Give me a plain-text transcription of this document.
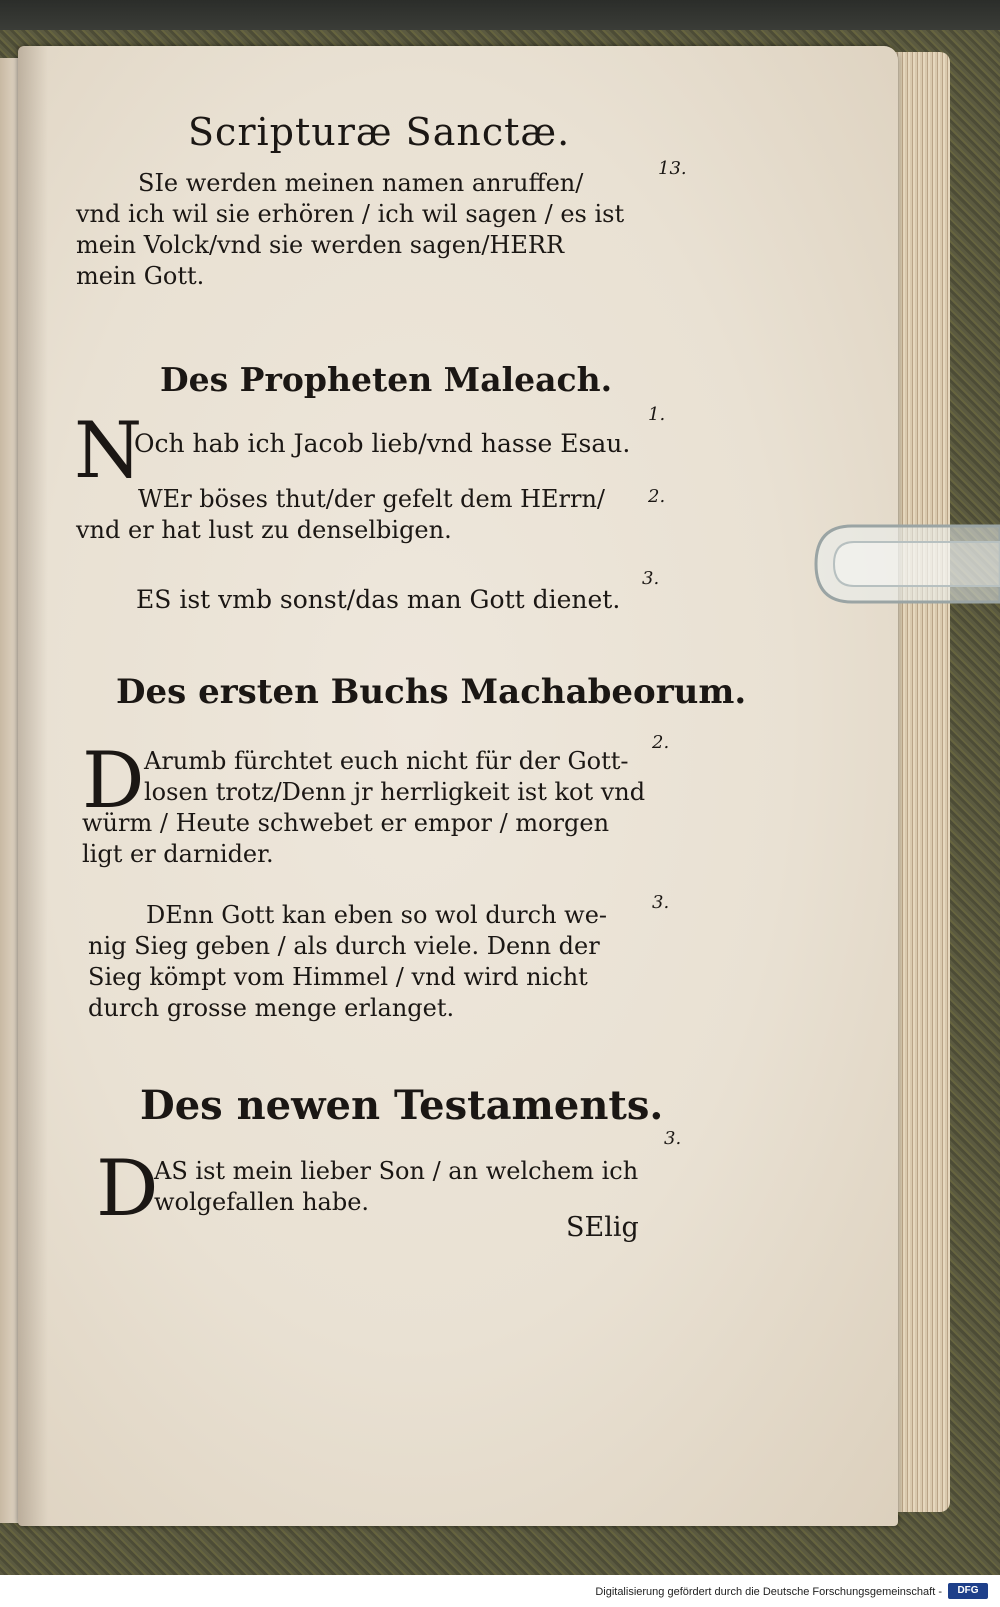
Scripturæ Sanctæ.
SIe werden meinen namen anruffen/
vnd ich wil sie erhören / ich wil sagen / es ist
mein Volck/vnd sie werden sagen/HERR
mein Gott.
13.
Des Propheten Maleach.
1.
N
Och hab ich Jacob lieb/vnd hasse Esau.
2.
WEr böses thut/der gefelt dem HErrn/
vnd er hat lust zu denselbigen.
3.
ES ist vmb sonst/das man Gott dienet.
Des ersten Buchs Machabeorum.
2.
D Arumb fürchtet euch nicht für der Gott-
losen trotz/Denn jr herrligkeit ist kot vnd
würm / Heute schwebet er empor / morgen
ligt er darnider.
3.
DEnn Gott kan eben so wol durch we-
nig Sieg geben / als durch viele. Denn der
Sieg kömpt vom Himmel / vnd wird nicht
durch grosse menge erlanget.
Des newen Testaments.
3.
D
AS ist mein lieber Son / an welchem ich
wolgefallen habe.
SElig
Digitalisierung gefördert durch die Deutsche Forschungsgemeinschaft -	DFG
